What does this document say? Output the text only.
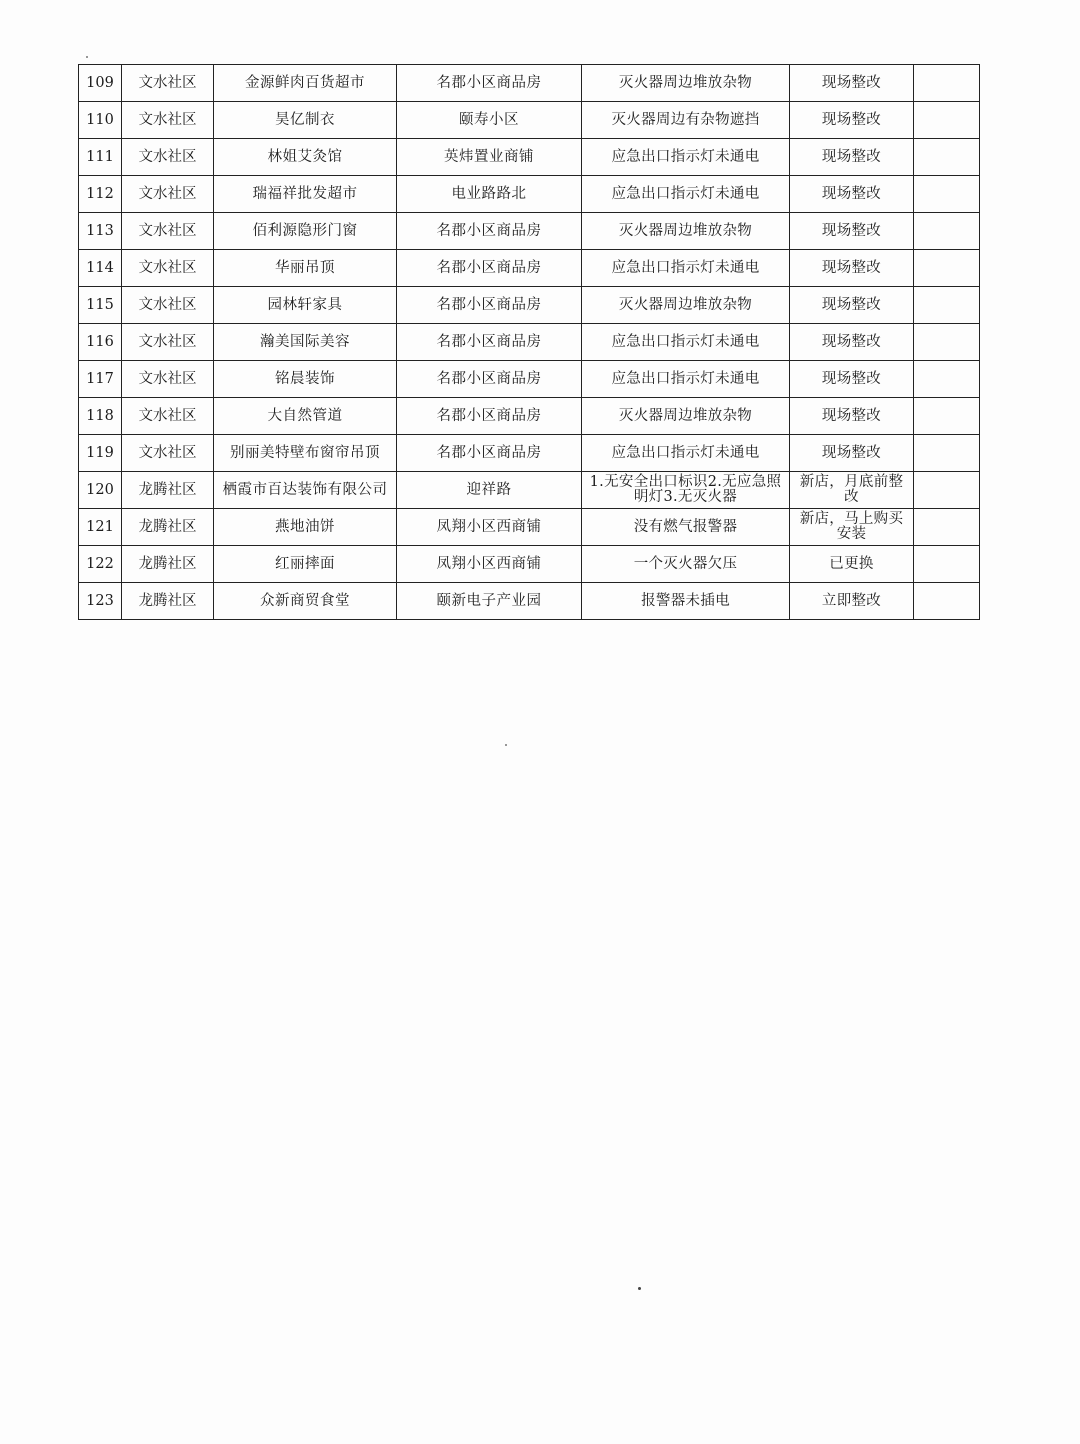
109	文水社区	金源鲜肉百货超市	名郡小区商品房	灭火器周边堆放杂物	现场整改	
110	文水社区	昊亿制衣	颐寿小区	灭火器周边有杂物遮挡	现场整改	
111	文水社区	林姐艾灸馆	英炜置业商铺	应急出口指示灯未通电	现场整改	
112	文水社区	瑞福祥批发超市	电业路路北	应急出口指示灯未通电	现场整改	
113	文水社区	佰利源隐形门窗	名郡小区商品房	灭火器周边堆放杂物	现场整改	
114	文水社区	华丽吊顶	名郡小区商品房	应急出口指示灯未通电	现场整改	
115	文水社区	园林轩家具	名郡小区商品房	灭火器周边堆放杂物	现场整改	
116	文水社区	瀚美国际美容	名郡小区商品房	应急出口指示灯未通电	现场整改	
117	文水社区	铭晨装饰	名郡小区商品房	应急出口指示灯未通电	现场整改	
118	文水社区	大自然管道	名郡小区商品房	灭火器周边堆放杂物	现场整改	
119	文水社区	别丽美特壁布窗帘吊顶	名郡小区商品房	应急出口指示灯未通电	现场整改	
120	龙腾社区	栖霞市百达装饰有限公司	迎祥路	1.无安全出口标识2.无应急照明灯3.无灭火器	新店，月底前整改	
121	龙腾社区	燕地油饼	凤翔小区西商铺	没有燃气报警器	新店，马上购买安装	
122	龙腾社区	红丽摔面	凤翔小区西商铺	一个灭火器欠压	已更换	
123	龙腾社区	众新商贸食堂	颐新电子产业园	报警器未插电	立即整改	
